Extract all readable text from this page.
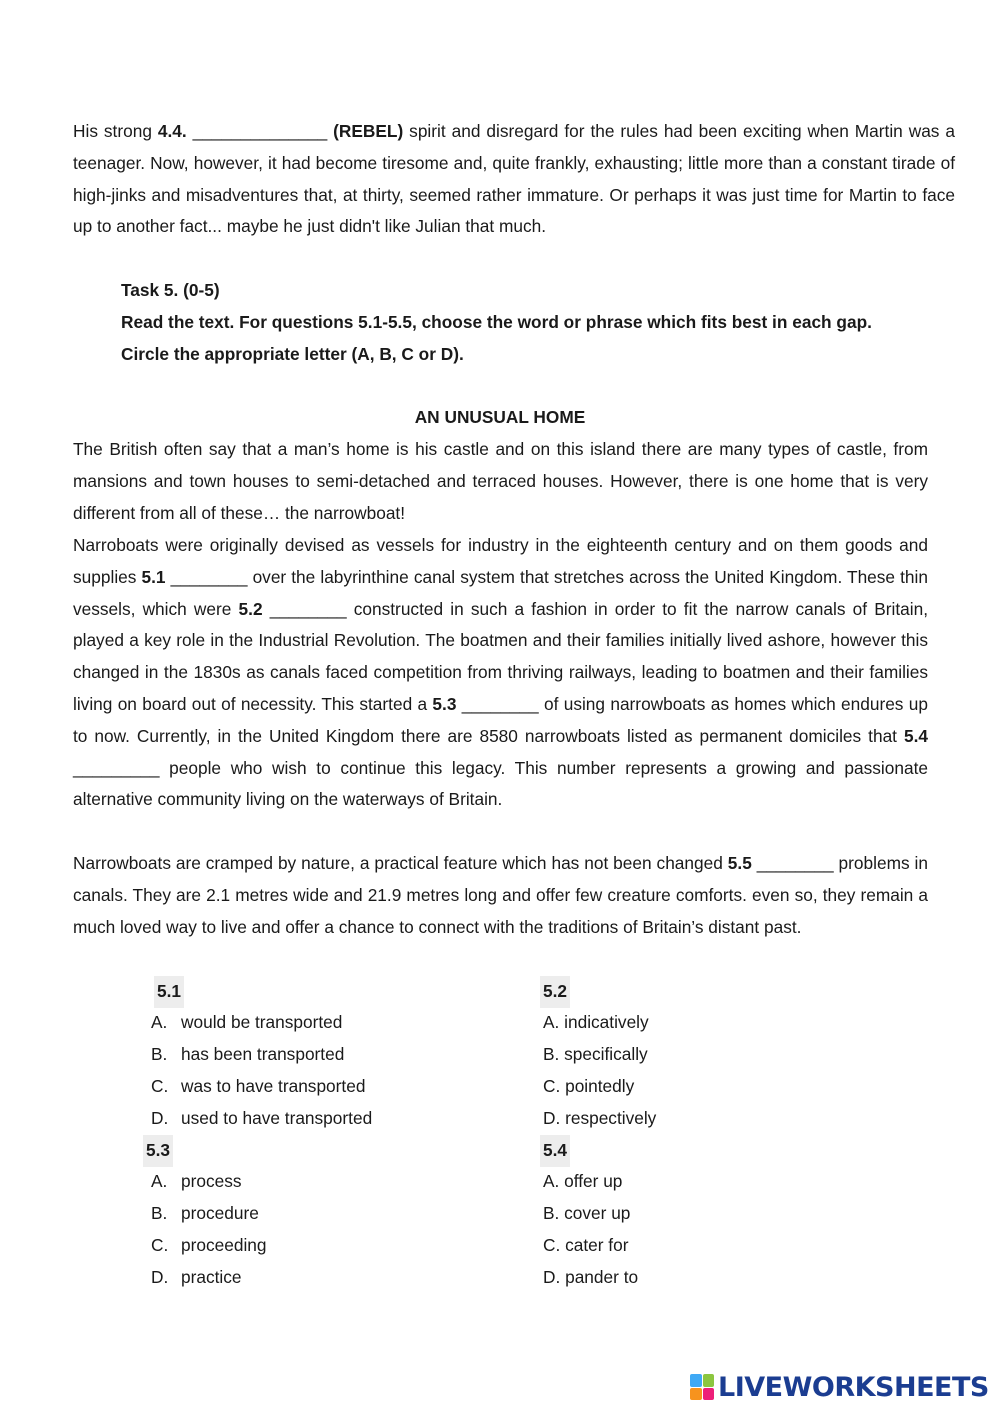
His strong 4.4. ______________ (REBEL) spirit and disregard for the rules had been exciting when Martin was a teenager. Now, however, it had become tiresome and, quite frankly, exhausting; little more than a constant tirade of high-jinks and misadventures that, at thirty, seemed rather immature. Or perhaps it was just time for Martin to face up to another fact... maybe he just didn't like Julian that much.

Task 5. (0-5)

Read the text. For questions 5.1-5.5, choose the word or phrase which fits best in each gap.

Circle the appropriate letter (A, B, C or D).

AN UNUSUAL HOME

The British often say that a man’s home is his castle and on this island there are many types of castle, from mansions and town houses to semi-detached and terraced houses. However, there is one home that is very different from all of these… the narrowboat!

Narroboats were originally devised as vessels for industry in the eighteenth century and on them goods and supplies 5.1 ________ over the labyrinthine canal system that stretches across the United Kingdom. These thin vessels, which were 5.2 ________ constructed in such a fashion in order to fit the narrow canals of Britain, played a key role in the Industrial Revolution. The boatmen and their families initially lived ashore, however this changed in the 1830s as canals faced competition from thriving railways, leading to boatmen and their families living on board out of necessity. This started a 5.3 ________ of using narrowboats as homes which endures up to now. Currently, in the United Kingdom there are 8580 narrowboats listed as permanent domiciles that 5.4 _________ people who wish to continue this legacy. This number represents a growing and passionate alternative community living on the waterways of Britain.

Narrowboats are cramped by nature, a practical feature which has not been changed 5.5 ________ problems in canals. They are 2.1 metres wide and 21.9 metres long and offer few creature comforts. even so, they remain a much loved way to live and offer a chance to connect with the traditions of Britain’s distant past.

5.1
A. would be transported
B. has been transported
C. was to have transported
D. used to have transported
5.2
A. indicatively
B. specifically
C. pointedly
D. respectively
5.3
A. process
B. procedure
C. proceeding
D. practice
5.4
A. offer up
B. cover up
C. cater for
D. pander to
LIVEWORKSHEETS
